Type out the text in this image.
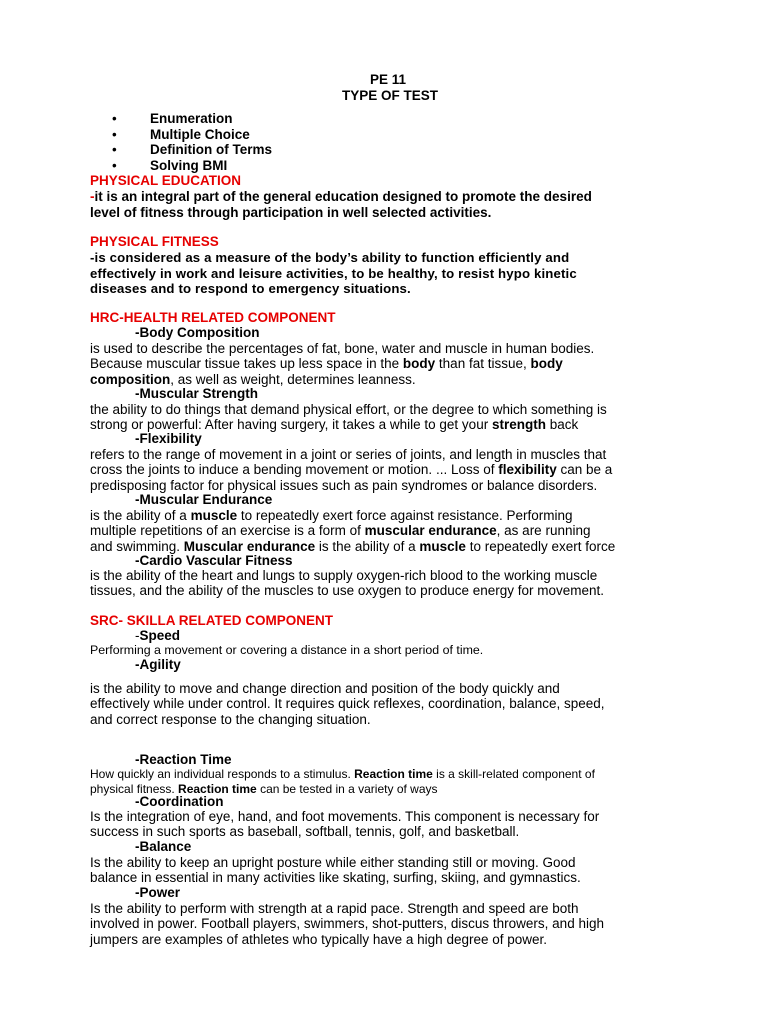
PE 11
TYPE OF TEST
• Enumeration
• Multiple Choice
• Definition of Terms
• Solving BMI
PHYSICAL EDUCATION
-it is an integral part of the general education designed to promote the desired
level of fitness through participation in well selected activities.
PHYSICAL FITNESS
-is considered as a measure of the body’s ability to function efficiently and
effectively in work and leisure activities, to be healthy, to resist hypo kinetic
diseases and to respond to emergency situations.
HRC-HEALTH RELATED COMPONENT
-Body Composition
is used to describe the percentages of fat, bone, water and muscle in human bodies.
Because muscular tissue takes up less space in the body than fat tissue, body
composition, as well as weight, determines leanness.
-Muscular Strength
the ability to do things that demand physical effort, or the degree to which something is
strong or powerful: After having surgery, it takes a while to get your strength back
-Flexibility
refers to the range of movement in a joint or series of joints, and length in muscles that
cross the joints to induce a bending movement or motion. ... Loss of flexibility can be a
predisposing factor for physical issues such as pain syndromes or balance disorders.
-Muscular Endurance
is the ability of a muscle to repeatedly exert force against resistance. Performing
multiple repetitions of an exercise is a form of muscular endurance, as are running
and swimming. Muscular endurance is the ability of a muscle to repeatedly exert force
-Cardio Vascular Fitness
is the ability of the heart and lungs to supply oxygen-rich blood to the working muscle
tissues, and the ability of the muscles to use oxygen to produce energy for movement.
SRC- SKILLA RELATED COMPONENT
-Speed
Performing a movement or covering a distance in a short period of time.
-Agility
is the ability to move and change direction and position of the body quickly and
effectively while under control. It requires quick reflexes, coordination, balance, speed,
and correct response to the changing situation.
-Reaction Time
How quickly an individual responds to a stimulus. Reaction time is a skill-related component of
physical fitness. Reaction time can be tested in a variety of ways
-Coordination
Is the integration of eye, hand, and foot movements. This component is necessary for
success in such sports as baseball, softball, tennis, golf, and basketball.
-Balance
Is the ability to keep an upright posture while either standing still or moving. Good
balance in essential in many activities like skating, surfing, skiing, and gymnastics.
-Power
Is the ability to perform with strength at a rapid pace. Strength and speed are both
involved in power. Football players, swimmers, shot-putters, discus throwers, and high
jumpers are examples of athletes who typically have a high degree of power.
